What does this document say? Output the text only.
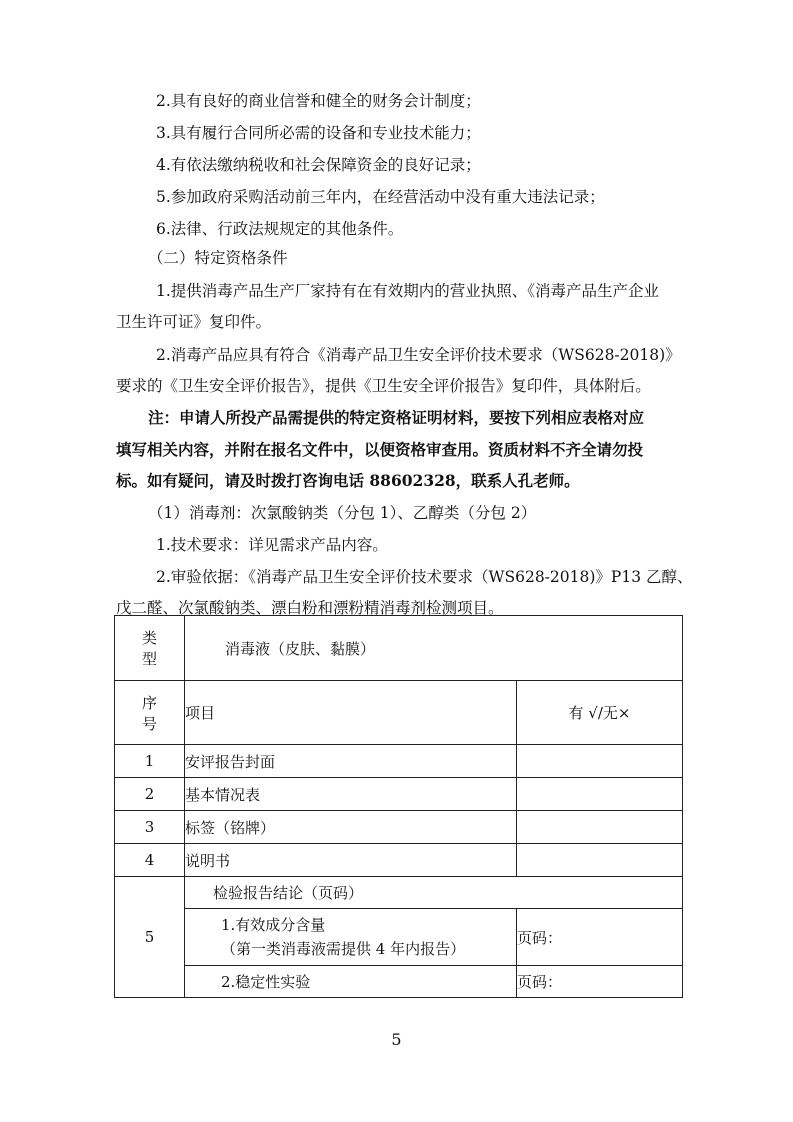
2.具有良好的商业信誉和健全的财务会计制度；
3.具有履行合同所必需的设备和专业技术能力；
4.有依法缴纳税收和社会保障资金的良好记录；
5.参加政府采购活动前三年内，在经营活动中没有重大违法记录；
6.法律、行政法规规定的其他条件。
（二）特定资格条件
1.提供消毒产品生产厂家持有在有效期内的营业执照、《消毒产品生产企业
卫生许可证》复印件。
2.消毒产品应具有符合《消毒产品卫生安全评价技术要求（WS628-2018)》
要求的《卫生安全评价报告》，提供《卫生安全评价报告》复印件，具体附后。
注：申请人所投产品需提供的特定资格证明材料，要按下列相应表格对应
填写相关内容，并附在报名文件中，以便资格审查用。资质材料不齐全请勿投
标。如有疑问，请及时拨打咨询电话 88602328，联系人孔老师。
（1）消毒剂：次氯酸钠类（分包 1）、乙醇类（分包 2）
1.技术要求：详见需求产品内容。
2.审验依据：《消毒产品卫生安全评价技术要求（WS628-2018)》P13 乙醇、
戊二醛、次氯酸钠类、漂白粉和漂粉精消毒剂检测项目。
类
型	消毒液（皮肤、黏膜）	

序
号	项目	有 √/无×
1	安评报告封面	
2	基本情况表	
3	标签（铭牌）	
4	说明书	
5	检验报告结论（页码）	

	1.有效成分含量
（第一类消毒液需提供 4 年内报告）	页码：
	2.稳定性实验	页码：
5
